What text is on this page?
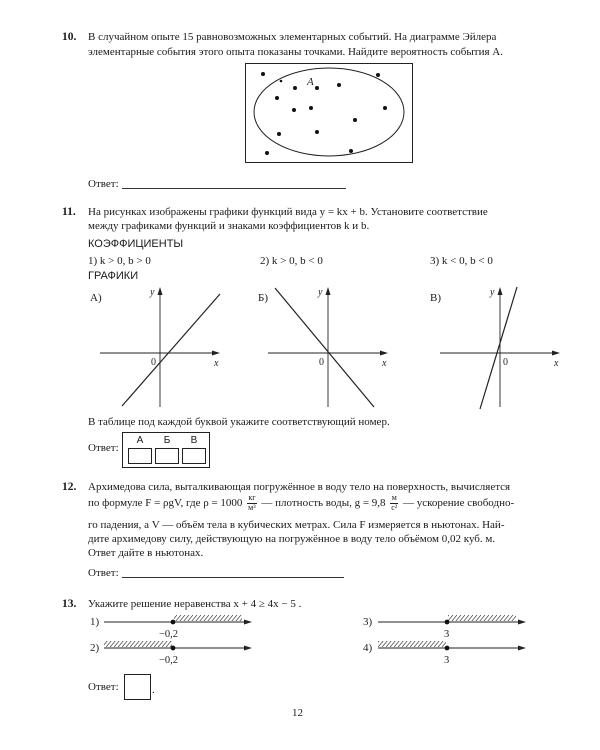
10. В случайном опыте 15 равновозможных элементарных событий. На диаграмме Эйлера
элементарные события этого опыта показаны точками. Найдите вероятность события A.
A
Ответ:
11. На рисунках изображены графики функций вида y = kx + b. Установите соответствие
между графиками функций и знаками коэффициентов k и b.
КОЭФФИЦИЕНТЫ
1) k > 0, b > 0	2) k > 0, b < 0	3) k < 0, b < 0
ГРАФИКИ
А)	y
x
0
Б)	y
x
0
В)	y
x
0
В таблице под каждой буквой укажите соответствующий номер.
Ответ:
А	Б	В
12. Архимедова сила, выталкивающая погружённое в воду тело на поверхность, вычисляется
по формуле F = ρgV, где $\rho = 1000 \frac{кг}{\text{м³}}$ — плотность воды, $g = 9,8 \frac{м}{\text{с²}}$ — ускорение свободно-
го падения, а V — объём тела в кубических метрах. Сила F измеряется в ньютонах. Най-
дите архимедову силу, действующую на погружённое в воду тело объёмом 0,02 куб. м.
Ответ дайте в ньютонах.
Ответ:
13. Укажите решение неравенства x + 4 ≥ 4x − 5 .
1)
−0,2
2)
−0,2
3)
3
4)
3
Ответ:	.
12
